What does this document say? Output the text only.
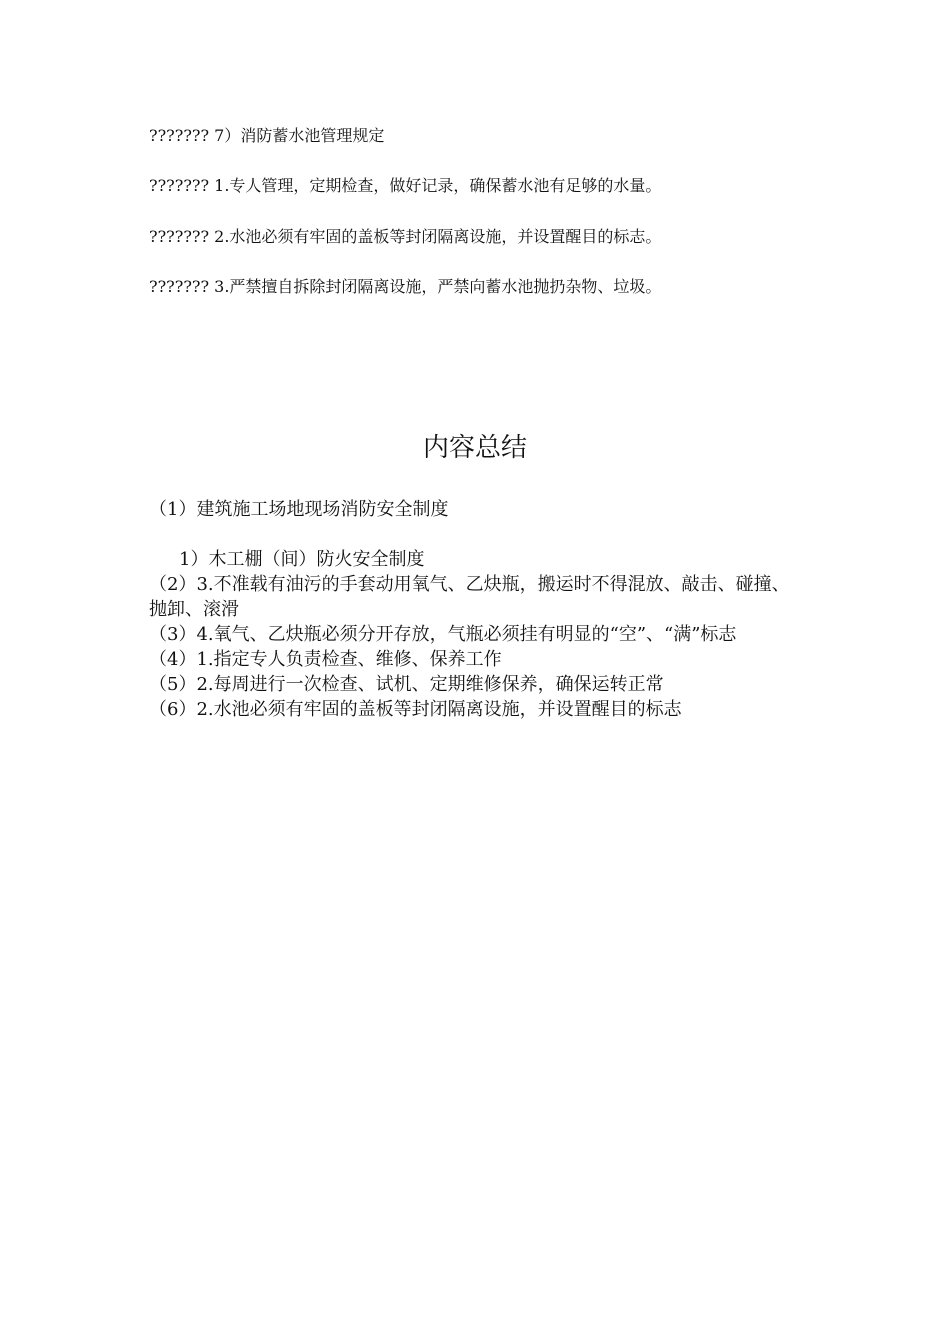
??????? 7）消防蓄水池管理规定
??????? 1.专人管理，定期检查，做好记录，确保蓄水池有足够的水量。
??????? 2.水池必须有牢固的盖板等封闭隔离设施，并设置醒目的标志。
??????? 3.严禁擅自拆除封闭隔离设施，严禁向蓄水池抛扔杂物、垃圾。
内容总结
（1）建筑施工场地现场消防安全制度
1）木工棚（间）防火安全制度
（2）3.不准载有油污的手套动用氧气、乙炔瓶，搬运时不得混放、敲击、碰撞、抛卸、滚滑
（3）4.氧气、乙炔瓶必须分开存放，气瓶必须挂有明显的“空”、“满”标志
（4）1.指定专人负责检查、维修、保养工作
（5）2.每周进行一次检查、试机、定期维修保养，确保运转正常
（6）2.水池必须有牢固的盖板等封闭隔离设施，并设置醒目的标志
